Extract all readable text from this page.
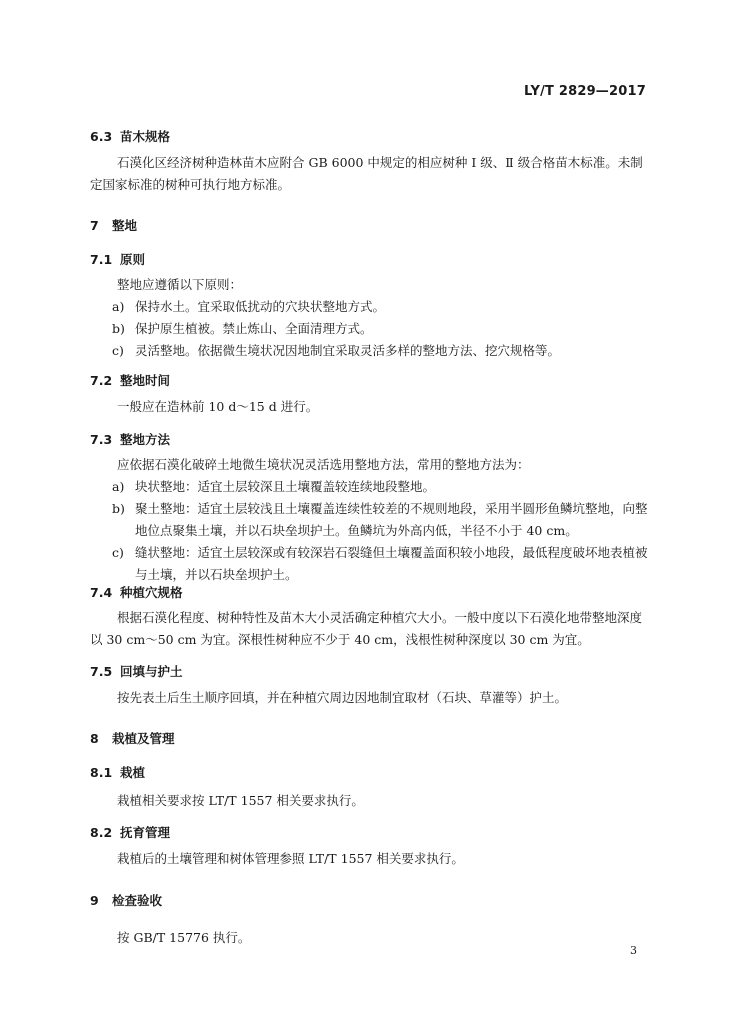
LY/T 2829—2017
6.3 苗木规格
石漠化区经济树种造林苗木应附合 GB 6000 中规定的相应树种 Ⅰ 级、Ⅱ 级合格苗木标准。未制定国家标准的树种可执行地方标准。
7 整地
7.1 原则
整地应遵循以下原则：
a) 保持水土。宜采取低扰动的穴块状整地方式。
b) 保护原生植被。禁止炼山、全面清理方式。
c) 灵活整地。依据微生境状况因地制宜采取灵活多样的整地方法、挖穴规格等。
7.2 整地时间
一般应在造林前 10 d～15 d 进行。
7.3 整地方法
应依据石漠化破碎土地微生境状况灵活选用整地方法，常用的整地方法为：
a) 块状整地：适宜土层较深且土壤覆盖较连续地段整地。
b) 聚土整地：适宜土层较浅且土壤覆盖连续性较差的不规则地段，采用半圆形鱼鳞坑整地，向整地位点聚集土壤，并以石块垒坝护土。鱼鳞坑为外高内低，半径不小于 40 cm。
c) 缝状整地：适宜土层较深或有较深岩石裂缝但土壤覆盖面积较小地段，最低程度破坏地表植被与土壤，并以石块垒坝护土。
7.4 种植穴规格
根据石漠化程度、树种特性及苗木大小灵活确定种植穴大小。一般中度以下石漠化地带整地深度以 30 cm～50 cm 为宜。深根性树种应不少于 40 cm，浅根性树种深度以 30 cm 为宜。
7.5 回填与护土
按先表土后生土顺序回填，并在种植穴周边因地制宜取材（石块、草灌等）护土。
8 栽植及管理
8.1 栽植
栽植相关要求按 LT/T 1557 相关要求执行。
8.2 抚育管理
栽植后的土壤管理和树体管理参照 LT/T 1557 相关要求执行。
9 检查验收
按 GB/T 15776 执行。
3
